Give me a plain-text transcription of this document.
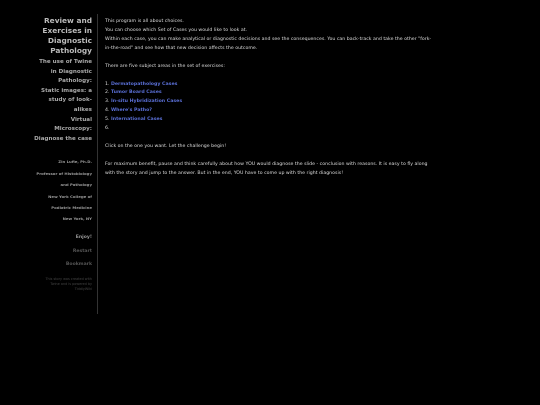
Review and
Exercises in
Diagnostic
Pathology
The use of Twine
in Diagnostic
Pathology:
Static images: a
study of look-
alikes
Virtual
Microscopy:
Diagnose the case
Zin Lufie, Ph.D.
Professor of Histobiology
and Pathology
New York College of
Podiatric Medicine
New York, NY
Enjoy!
Restart
Bookmark
This story was created with
Twine and is powered by
TiddlyWiki

This program is all about choices.

You can choose which Set of Cases you would like to look at.

Within each case, you can make analytical or diagnostic decisions and see the consequences. You can back-track and take the other "fork-

in-the-road" and see how that new decision affects the outcome.

There are five subject areas in the set of exercises:

1. Dermatopathology Cases
2. Tumor Board Cases
3. In-situ Hybridization Cases
4. Where's Patho?
5. International Cases
6.

Click on the one you want. Let the challenge begin!

For maximum benefit, pause and think carefully about how YOU would diagnose the slide - conclusion with reasons. It is easy to fly along

with the story and jump to the answer. But in the end, YOU have to come up with the right diagnosis!
